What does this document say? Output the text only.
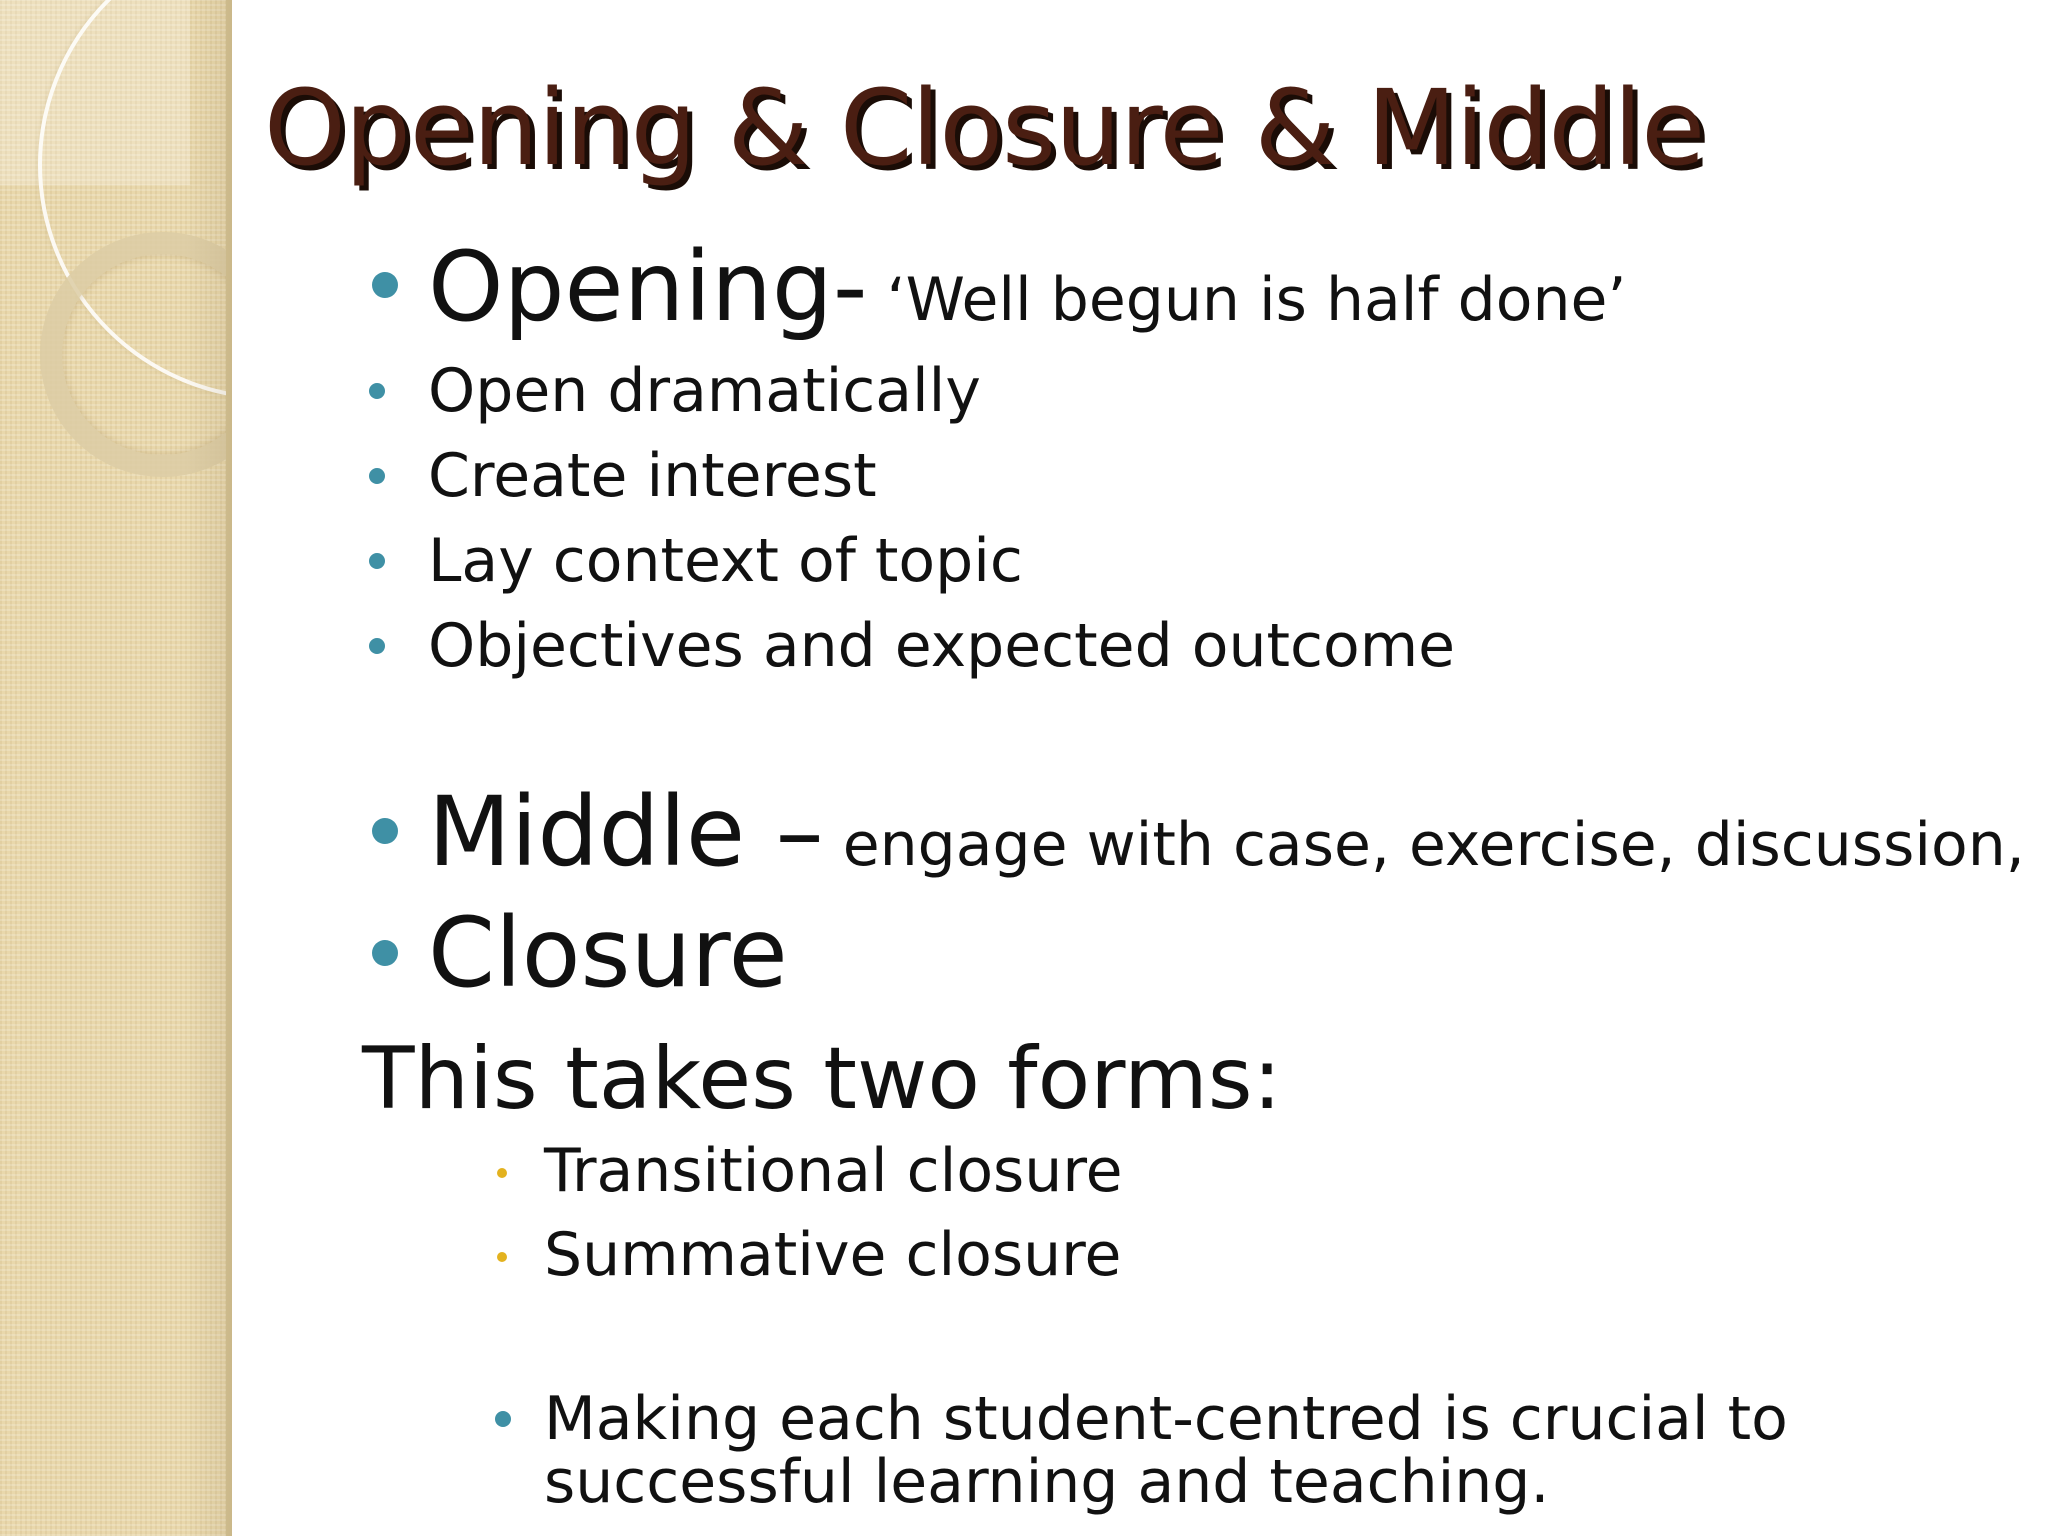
Opening & Closure & Middle
Opening- ‘Well begun is half done’
Open dramatically
Create interest
Lay context of topic
Objectives and expected outcome
Middle – engage with case, exercise, discussion,
Closure
This takes two forms:
Transitional closure
Summative closure
Making each student-centred is crucial to
successful learning and teaching.
